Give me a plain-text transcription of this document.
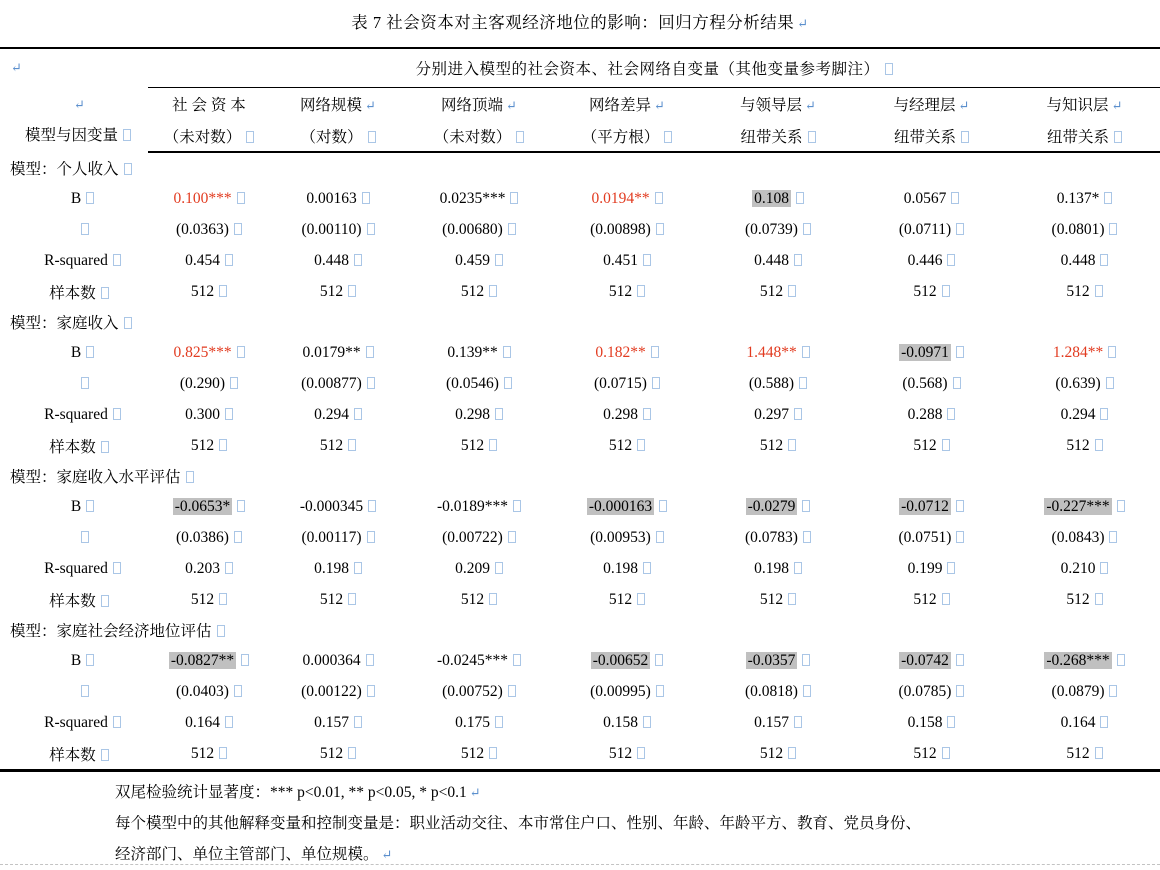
表 7 社会资本对主客观经济地位的影响：回归方程分析结果 ↵
↵	分别进入模型的社会资本、社会网络自变量（其他变量参考脚注）						

↵
模型与因变量	社 会 资 本	网络规模 ↵	网络顶端 ↵	网络差异 ↵	与领导层 ↵	与经理层 ↵	与知识层 ↵
	（未对数）	（对数）	（未对数）	（平方根）	纽带关系	纽带关系	纽带关系
模型：个人收入							
B	0.100***	0.00163	0.0235***	0.0194**	0.108	0.0567	0.137*
	(0.0363)	(0.00110)	(0.00680)	(0.00898)	(0.0739)	(0.0711)	(0.0801)
R-squared	0.454	0.448	0.459	0.451	0.448	0.446	0.448
样本数	512	512	512	512	512	512	512
模型：家庭收入							
B	0.825***	0.0179**	0.139**	0.182**	1.448**	-0.0971	1.284**
	(0.290)	(0.00877)	(0.0546)	(0.0715)	(0.588)	(0.568)	(0.639)
R-squared	0.300	0.294	0.298	0.298	0.297	0.288	0.294
样本数	512	512	512	512	512	512	512
模型：家庭收入水平评估							
B	-0.0653*	-0.000345	-0.0189***	-0.000163	-0.0279	-0.0712	-0.227***
	(0.0386)	(0.00117)	(0.00722)	(0.00953)	(0.0783)	(0.0751)	(0.0843)
R-squared	0.203	0.198	0.209	0.198	0.198	0.199	0.210
样本数	512	512	512	512	512	512	512
模型：家庭社会经济地位评估							
B	-0.0827**	0.000364	-0.0245***	-0.00652	-0.0357	-0.0742	-0.268***
	(0.0403)	(0.00122)	(0.00752)	(0.00995)	(0.0818)	(0.0785)	(0.0879)
R-squared	0.164	0.157	0.175	0.158	0.157	0.158	0.164
样本数	512	512	512	512	512	512	512
双尾检验统计显著度：*** p<0.01, ** p<0.05, * p<0.1 ↵
每个模型中的其他解释变量和控制变量是：职业活动交往、本市常住户口、性别、年龄、年龄平方、教育、党员身份、
经济部门、单位主管部门、单位规模。 ↵
